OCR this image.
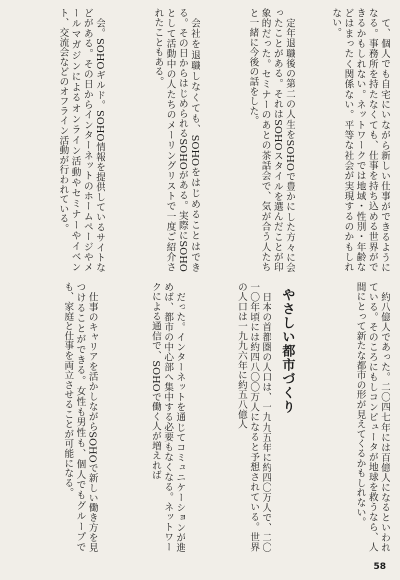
て、個人でも自宅にいながら新しい仕事ができるようになる。事務所を持たなくても、仕事を持ち込める世界ができるかもしれない。ネットワークでは地域・性別・年齢などはまったく関係ない。平等な社会が実現するのかもしれない。

定年退職後の第二の人生をSOHOで豊かにした方々に会ったことがある。それはSOHOスタイルを選んだことが印象的だった。セミナーのあとの茶話会で、気が合う人たちと一緒に今後の話をした。

会社を退職しなくても、SOHOをはじめることはできる。その日からはじめられるSOHOがある。実際にSOHOとして活動中の人たちのメーリングリストで一度ご紹介されたこともある。

会。SOHOギルド。SOHO情報を提供しているサイトなどがある。その日からインターネットのホームページやメールマガジンによるオンライン活動やセミナーやイベント、交流会などのオフライン活動が行われている。

約八億人であった。二〇四七年には百億人になるといわれている。そのころにもしコンピュータが地球を救うなら、人間にとって新たな都市の形が見えてくるかもしれない。

やさしい都市づくり

日本の首都圏の人口は、一九九五年に約四〇万人で、二〇一〇年頃には約四八〇〇万人になると予想されている。世界の人口は一九九六年に約五八億人

だった。インターネットを通じてコミュニケーションが進めば、都市の中心部へ集中する必要もなくなる。ネットワークによる通信で、SOHOで働く人が増えれば

仕事のキャリアを活かしながらSOHOで新しい働き方を見つけることができる。女性も男性も、個人でもグループでも、家庭と仕事を両立させることが可能になる。

58
